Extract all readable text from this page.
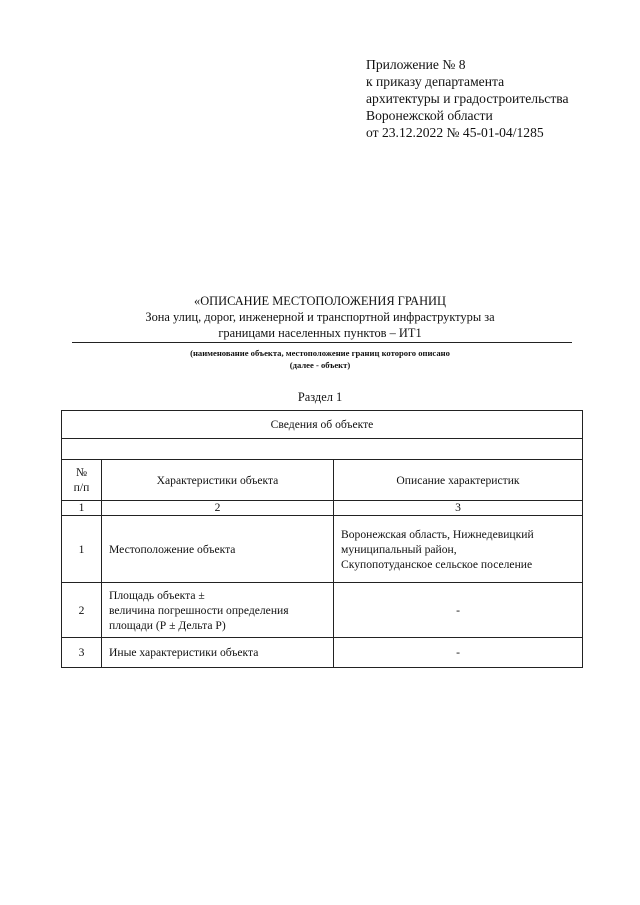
Приложение № 8
к приказу департамента
архитектуры и градостроительства
Воронежской области
от 23.12.2022 № 45-01-04/1285
«ОПИСАНИЕ МЕСТОПОЛОЖЕНИЯ ГРАНИЦ
Зона улиц, дорог, инженерной и транспортной инфраструктуры за
границами населенных пунктов – ИТ1
(наименование объекта, местоположение границ которого описано
(далее - объект)
Раздел 1
Сведения об объекте		

№
п/п	Характеристики объекта	Описание характеристик
1	2	3
1	Местоположение объекта	Воронежская область, Нижнедевицкий
муниципальный район,
Скупопотуданское сельское поселение
2	Площадь объекта ±
величина погрешности определения
площади (Р ± Дельта Р)	-
3	Иные характеристики объекта	-
